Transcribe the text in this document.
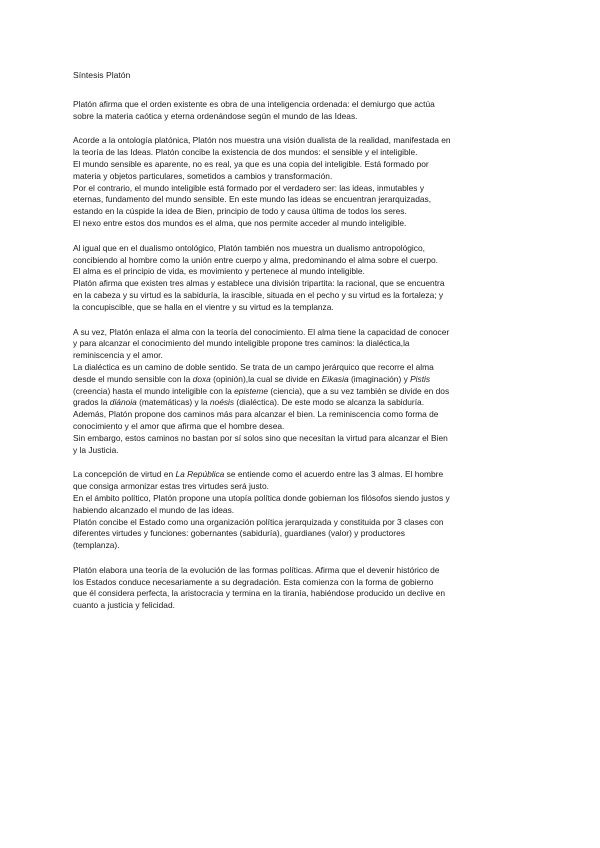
Síntesis Platón
Platón afirma que el orden existente es obra de una inteligencia ordenada: el demiurgo que actúa
sobre la materia caótica y eterna ordenándose según el mundo de las Ideas.
Acorde a la ontología platónica, Platón nos muestra una visión dualista de la realidad, manifestada en
la teoría de las Ideas. Platón concibe la existencia de dos mundos: el sensible y el inteligible.
El mundo sensible es aparente, no es real, ya que es una copia del inteligible. Está formado por
materia y objetos particulares, sometidos a cambios y transformación.
Por el contrario, el mundo inteligible está formado por el verdadero ser: las ideas, inmutables y
eternas, fundamento del mundo sensible. En este mundo las ideas se encuentran jerarquizadas,
estando en la cúspide la idea de Bien, principio de todo y causa última de todos los seres.
El nexo entre estos dos mundos es el alma, que nos permite acceder al mundo inteligible.
Al igual que en el dualismo ontológico, Platón también nos muestra un dualismo antropológico,
concibiendo al hombre como la unión entre cuerpo y alma, predominando el alma sobre el cuerpo.
El alma es el principio de vida, es movimiento y pertenece al mundo inteligible.
Platón afirma que existen tres almas y establece una división tripartita: la racional, que se encuentra
en la cabeza y su virtud es la sabiduría, la irascible, situada en el pecho y su virtud es la fortaleza; y
la concupiscible, que se halla en el vientre y su virtud es la templanza.
A su vez, Platón enlaza el alma con la teoría del conocimiento. El alma tiene la capacidad de conocer
y para alcanzar el conocimiento del mundo inteligible propone tres caminos: la dialéctica,la
reminiscencia y el amor.
La dialéctica es un camino de doble sentido. Se trata de un campo jerárquico que recorre el alma
desde el mundo sensible con la doxa (opinión),la cual se divide en Eikasia (imaginación) y Pistis
(creencia) hasta el mundo inteligible con la episteme (ciencia), que a su vez también se divide en dos
grados la diánoia (matemáticas) y la noésis (dialéctica). De este modo se alcanza la sabiduría.
Además, Platón propone dos caminos más para alcanzar el bien. La reminiscencia como forma de
conocimiento y el amor que afirma que el hombre desea.
Sin embargo, estos caminos no bastan por sí solos sino que necesitan la virtud para alcanzar el Bien
y la Justicia.
La concepción de virtud en La República se entiende como el acuerdo entre las 3 almas. El hombre
que consiga armonizar estas tres virtudes será justo.
En el ámbito político, Platón propone una utopía política donde gobiernan los filósofos siendo justos y
habiendo alcanzado el mundo de las ideas.
Platón concibe el Estado como una organización política jerarquizada y constituida por 3 clases con
diferentes virtudes y funciones: gobernantes (sabiduría), guardianes (valor) y productores
(templanza).
Platón elabora una teoría de la evolución de las formas políticas. Afirma que el devenir histórico de
los Estados conduce necesariamente a su degradación. Esta comienza con la forma de gobierno
que él considera perfecta, la aristocracia y termina en la tiranía, habiéndose producido un declive en
cuanto a justicia y felicidad.
